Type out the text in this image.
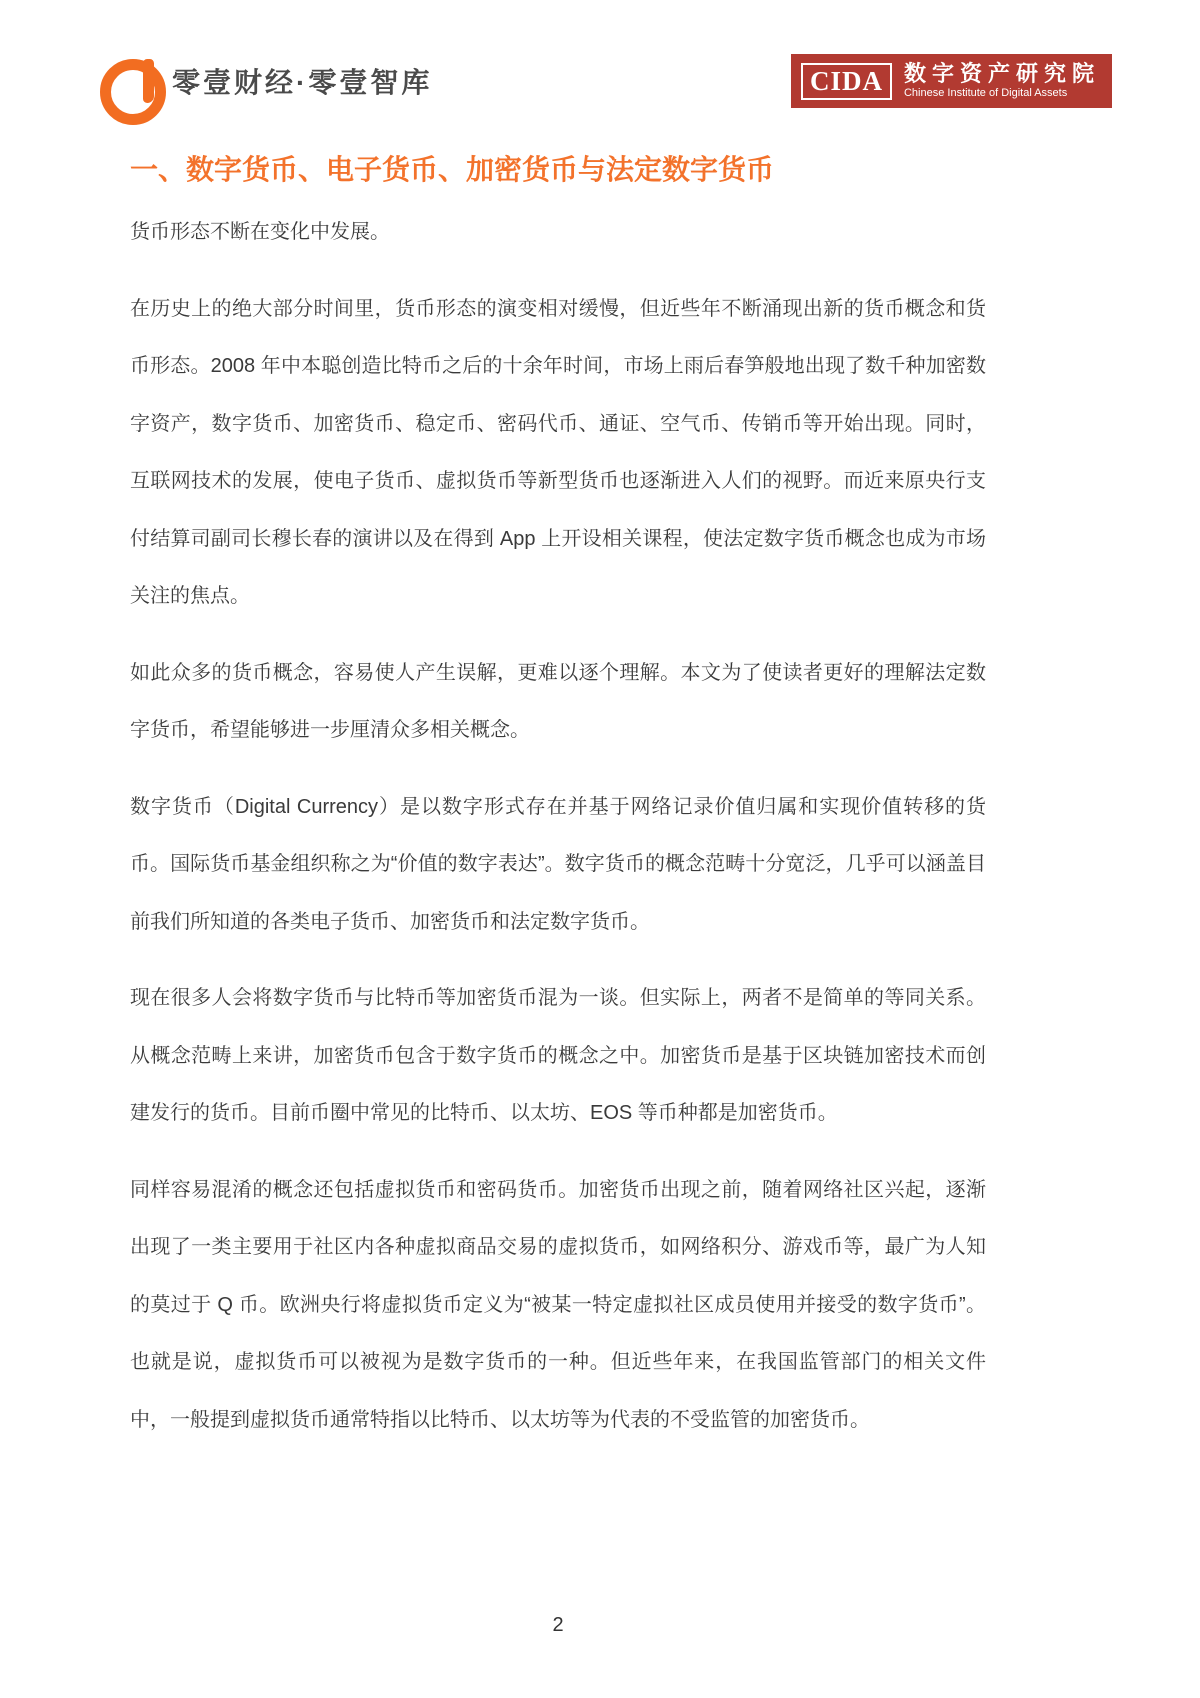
零壹财经·零壹智库	CIDA 数字资产研究院
Chinese Institute of Digital Assets
一、数字货币、电子货币、加密货币与法定数字货币

货币形态不断在变化中发展。

在历史上的绝大部分时间里，货币形态的演变相对缓慢，但近些年不断涌现出新的货币概念和货币形态。2008 年中本聪创造比特币之后的十余年时间，市场上雨后春笋般地出现了数千种加密数字资产，数字货币、加密货币、稳定币、密码代币、通证、空气币、传销币等开始出现。同时，互联网技术的发展，使电子货币、虚拟货币等新型货币也逐渐进入人们的视野。而近来原央行支付结算司副司长穆长春的演讲以及在得到 App 上开设相关课程，使法定数字货币概念也成为市场关注的焦点。

如此众多的货币概念，容易使人产生误解，更难以逐个理解。本文为了使读者更好的理解法定数字货币，希望能够进一步厘清众多相关概念。

数字货币（Digital Currency）是以数字形式存在并基于网络记录价值归属和实现价值转移的货币。国际货币基金组织称之为“价值的数字表达”。数字货币的概念范畴十分宽泛，几乎可以涵盖目前我们所知道的各类电子货币、加密货币和法定数字货币。

现在很多人会将数字货币与比特币等加密货币混为一谈。但实际上，两者不是简单的等同关系。从概念范畴上来讲，加密货币包含于数字货币的概念之中。加密货币是基于区块链加密技术而创建发行的货币。目前币圈中常见的比特币、以太坊、EOS 等币种都是加密货币。

同样容易混淆的概念还包括虚拟货币和密码货币。加密货币出现之前，随着网络社区兴起，逐渐出现了一类主要用于社区内各种虚拟商品交易的虚拟货币，如网络积分、游戏币等，最广为人知的莫过于 Q 币。欧洲央行将虚拟货币定义为“被某一特定虚拟社区成员使用并接受的数字货币”。也就是说，虚拟货币可以被视为是数字货币的一种。但近些年来，在我国监管部门的相关文件中，一般提到虚拟货币通常特指以比特币、以太坊等为代表的不受监管的加密货币。

2
